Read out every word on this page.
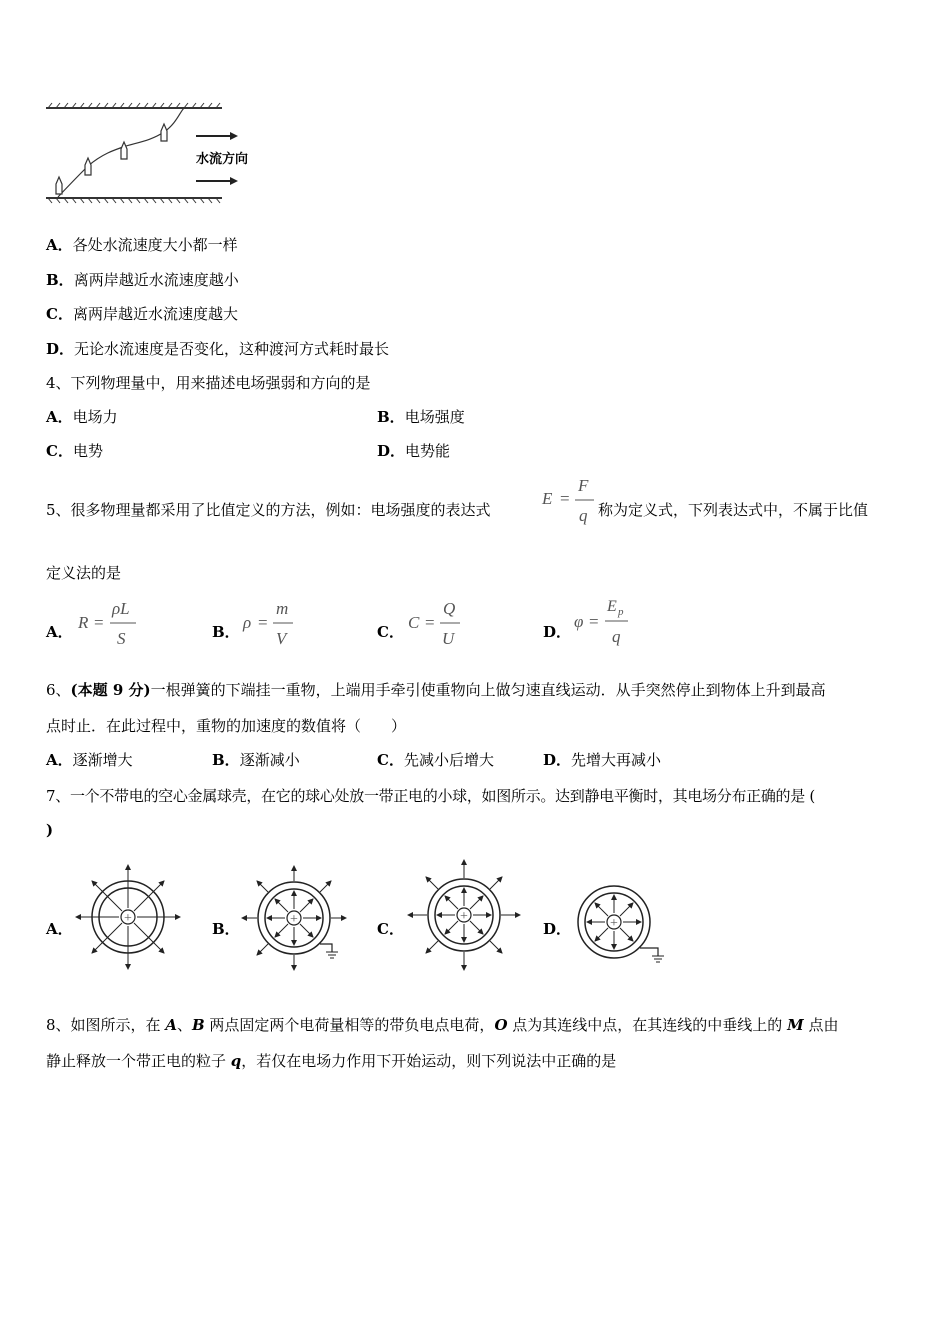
水流方向
A．各处水流速度大小都一样
B．离两岸越近水流速度越小
C．离两岸越近水流速度越大
D．无论水流速度是否变化，这种渡河方式耗时最长
4、下列物理量中，用来描述电场强弱和方向的是
A．电场力	B．电场强度
C．电势	D．电势能
5、很多物理量都采用了比值定义的方法，例如：电场强度的表达式
E =
F
q 称为定义式，下列表达式中，不属于比值
定义法的是
A． R =
ρL
S	B． ρ =
m
V	C． C =
Q
U	D．
φ =
E p
q
6、(本题 9 分)一根弹簧的下端挂一重物，上端用手牵引使重物向上做匀速直线运动．从手突然停止到物体上升到最高
点时止．在此过程中，重物的加速度的数值将（　　）
A．逐渐增大	B．逐渐减小	C．先减小后增大	D．先增大再减小
7、一个不带电的空心金属球壳，在它的球心处放一带正电的小球，如图所示。达到静电平衡时，其电场分布正确的是 (
)
A．
+
B．
+
C．
+
D．	+
8、如图所示，在 A、B 两点固定两个电荷量相等的带负电点电荷，O 点为其连线中点，在其连线的中垂线上的 M 点由
静止释放一个带正电的粒子 q，若仅在电场力作用下开始运动，则下列说法中正确的是
